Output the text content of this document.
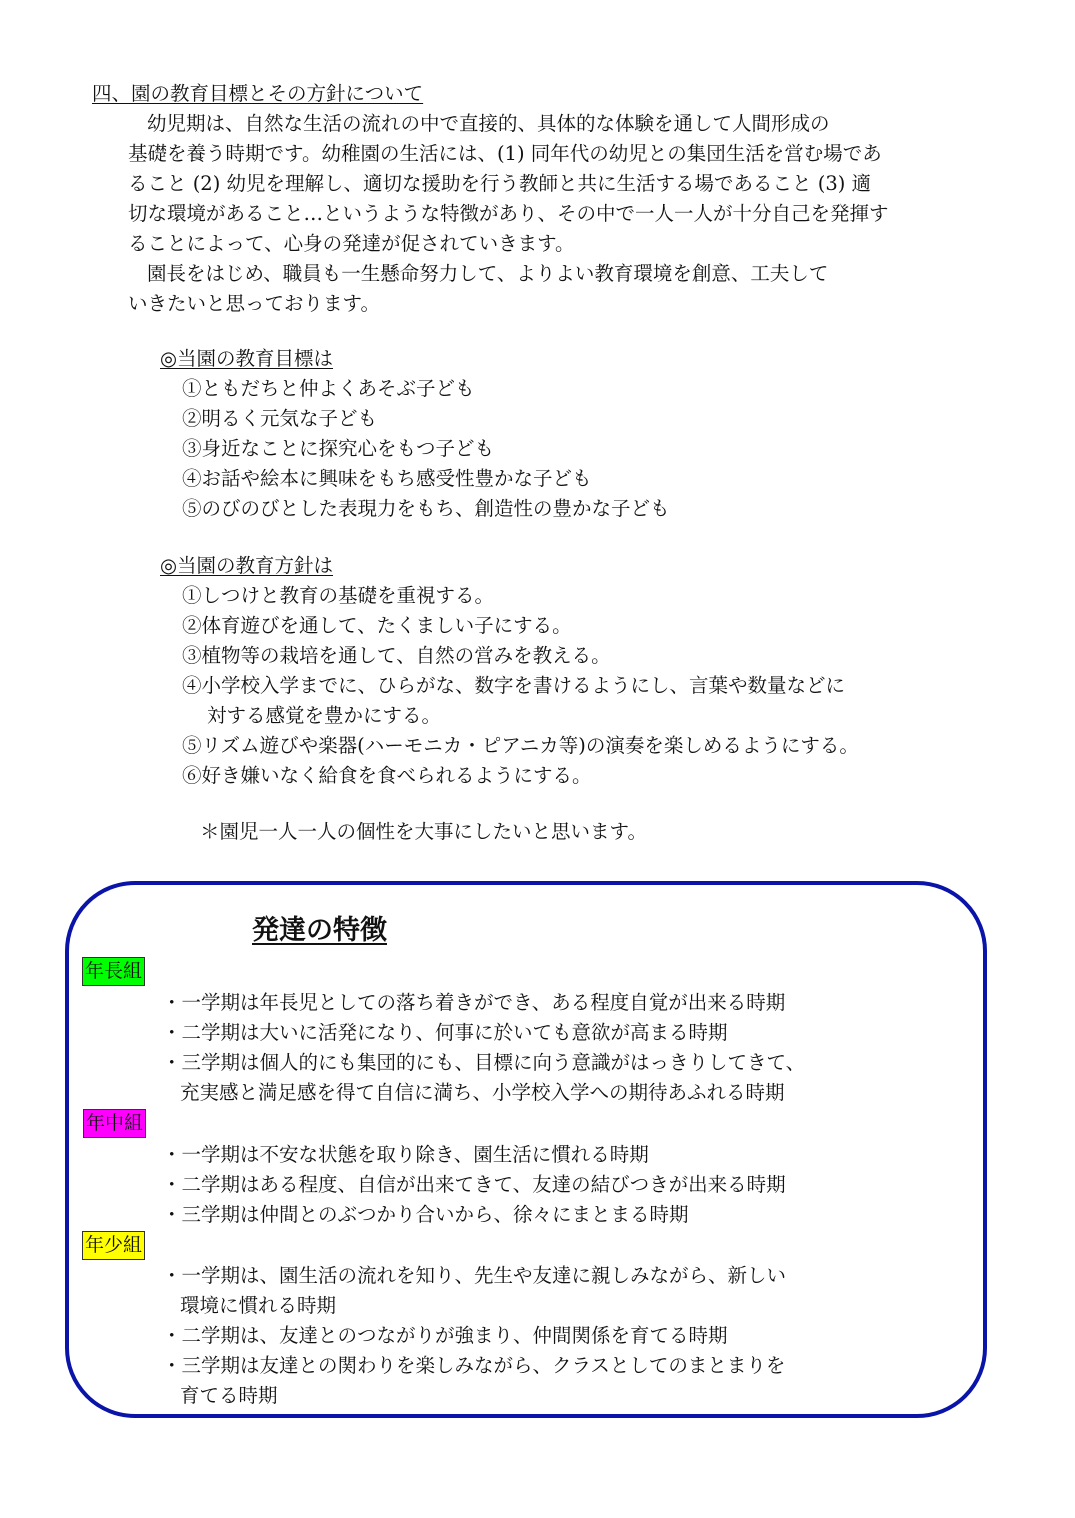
四、園の教育目標とその方針について
幼児期は、自然な生活の流れの中で直接的、具体的な体験を通して人間形成の
基礎を養う時期です。幼稚園の生活には、(1) 同年代の幼児との集団生活を営む場であ
ること (2) 幼児を理解し、適切な援助を行う教師と共に生活する場であること (3) 適
切な環境があること…というような特徴があり、その中で一人一人が十分自己を発揮す
ることによって、心身の発達が促されていきます。
園長をはじめ、職員も一生懸命努力して、よりよい教育環境を創意、工夫して
いきたいと思っております。
◎当園の教育目標は
①ともだちと仲よくあそぶ子ども
②明るく元気な子ども
③身近なことに探究心をもつ子ども
④お話や絵本に興味をもち感受性豊かな子ども
⑤のびのびとした表現力をもち、創造性の豊かな子ども
◎当園の教育方針は
①しつけと教育の基礎を重視する。
②体育遊びを通して、たくましい子にする。
③植物等の栽培を通して、自然の営みを教える。
④小学校入学までに、ひらがな、数字を書けるようにし、言葉や数量などに
対する感覚を豊かにする。
⑤リズム遊びや楽器(ハーモニカ・ピアニカ等)の演奏を楽しめるようにする。
⑥好き嫌いなく給食を食べられるようにする。
＊園児一人一人の個性を大事にしたいと思います。
発達の特徴
年長組
・一学期は年長児としての落ち着きができ、ある程度自覚が出来る時期
・二学期は大いに活発になり、何事に於いても意欲が高まる時期
・三学期は個人的にも集団的にも、目標に向う意識がはっきりしてきて、
充実感と満足感を得て自信に満ち、小学校入学への期待あふれる時期
年中組
・一学期は不安な状態を取り除き、園生活に慣れる時期
・二学期はある程度、自信が出来てきて、友達の結びつきが出来る時期
・三学期は仲間とのぶつかり合いから、徐々にまとまる時期
年少組
・一学期は、園生活の流れを知り、先生や友達に親しみながら、新しい
環境に慣れる時期
・二学期は、友達とのつながりが強まり、仲間関係を育てる時期
・三学期は友達との関わりを楽しみながら、クラスとしてのまとまりを
育てる時期
